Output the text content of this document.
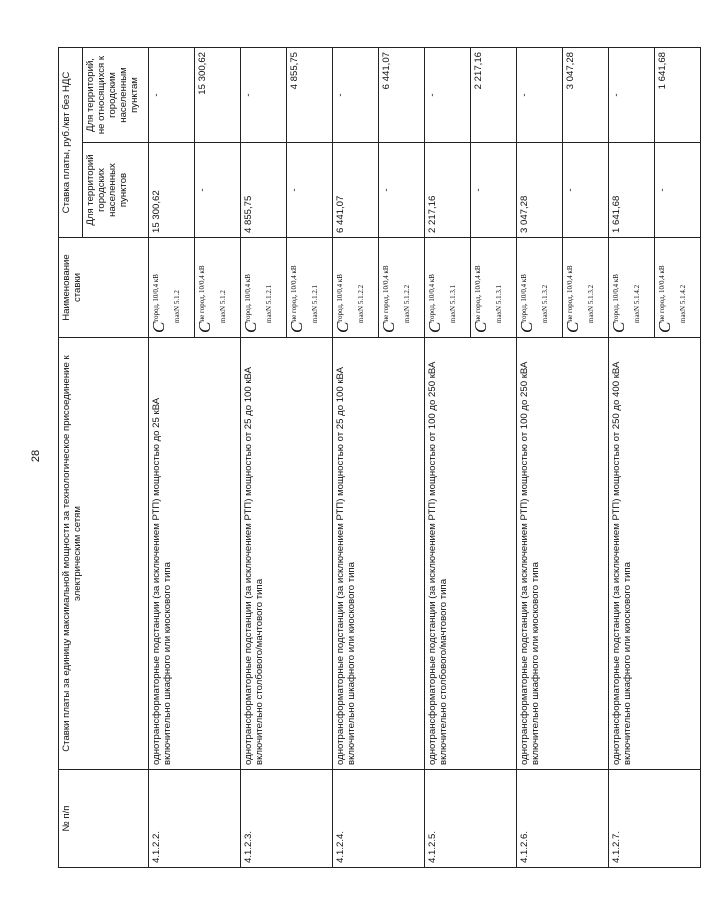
28
№ п/п	Ставки платы за единицу максимальной мощности за технологическое присоединение к электрическим сетям	Наименование ставки	Ставка платы, руб./квт без НДС	
			Для территорий городских населенных пунктов	Для территорий, не относящихся к городским населенным пунктам
4.1.2.2.	однотрансформаторные подстанции (за исключением РТП) мощностью до 25 кВА включительно шкафного или киоскового типа	$C^{город, 10/0,4 кВ}$ $_{maxN 5.1.2}$	15 300,62	-
		$C^{не город, 10/0,4 кВ}$ $_{maxN 5.1.2}$	-	15 300,62
4.1.2.3.	однотрансформаторные подстанции (за исключением РТП) мощностью от 25 до 100 кВА включительно столбового/мачтового типа	$C^{город, 10/0,4 кВ}$ $_{maxN 5.1.2.1}$	4 855,75	-
		$C^{не город, 10/0,4 кВ}$ $_{maxN 5.1.2.1}$	-	4 855,75
4.1.2.4.	однотрансформаторные подстанции (за исключением РТП) мощностью от 25 до 100 кВА включительно шкафного или киоскового типа	$C^{город, 10/0,4 кВ}$ $_{maxN 5.1.2.2}$	6 441,07	-
		$C^{не город, 10/0,4 кВ}$ $_{maxN 5.1.2.2}$	-	6 441,07
4.1.2.5.	однотрансформаторные подстанции (за исключением РТП) мощностью от 100 до 250 кВА включительно столбового/мачтового типа	$C^{город, 10/0,4 кВ}$ $_{maxN 5.1.3.1}$	2 217,16	-
		$C^{не город, 10/0,4 кВ}$ $_{maxN 5.1.3.1}$	-	2 217,16
4.1.2.6.	однотрансформаторные подстанции (за исключением РТП) мощностью от 100 до 250 кВА включительно шкафного или киоскового типа	$C^{город, 10/0,4 кВ}$ $_{maxN 5.1.3.2}$	3 047,28	-
		$C^{не город, 10/0,4 кВ}$ $_{maxN 5.1.3.2}$	-	3 047,28
4.1.2.7.	однотрансформаторные подстанции (за исключением РТП) мощностью от 250 до 400 кВА включительно шкафного или киоскового типа	$C^{город, 10/0,4 кВ}$ $_{maxN 5.1.4.2}$	1 641,68	-
		$C^{не город, 10/0,4 кВ}$ $_{maxN 5.1.4.2}$	-	1 641,68
